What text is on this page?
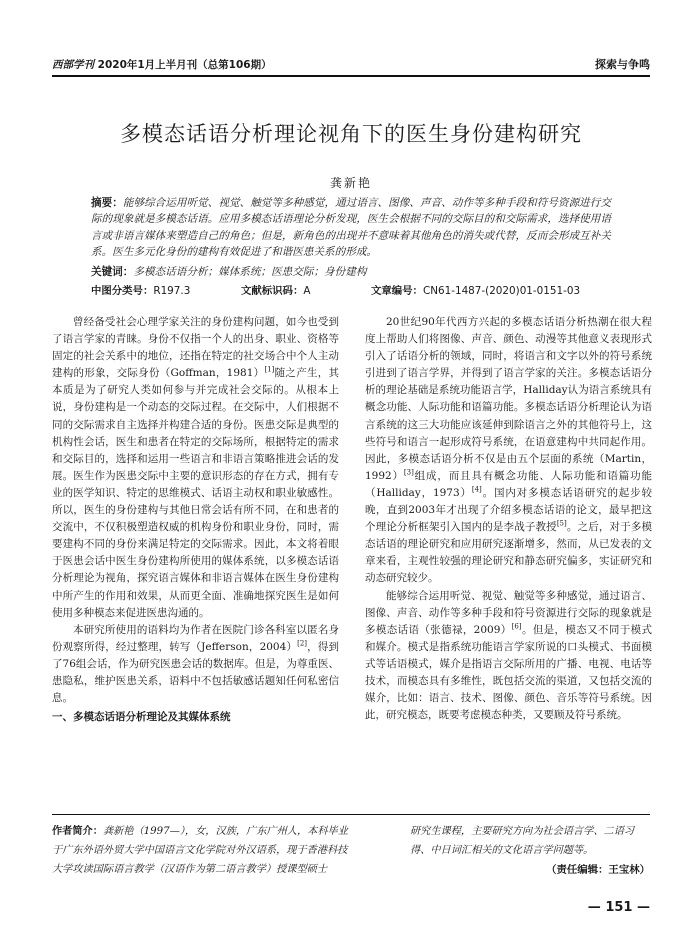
西部学刊 2020年1月上半月刊（总第106期）	探索与争鸣
多模态话语分析理论视角下的医生身份建构研究
龚新艳
摘要：能够综合运用听觉、视觉、触觉等多种感觉，通过语言、图像、声音、动作等多种手段和符号资源进行交际的现象就是多模态话语。应用多模态话语理论分析发现，医生会根据不同的交际目的和交际需求，选择使用语言或非语言媒体来塑造自己的角色；但是，新角色的出现并不意味着其他角色的消失或代替，反而会形成互补关系。医生多元化身份的建构有效促进了和谐医患关系的形成。
关键词：多模态话语分析；媒体系统；医患交际；身份建构
中图分类号：R197.3	文献标识码：A	文章编号：CN61-1487-(2020)01-0151-03

曾经备受社会心理学家关注的身份建构问题，如今也受到了语言学家的青睐。身份不仅指一个人的出身、职业、资格等固定的社会关系中的地位，还指在特定的社交场合中个人主动建构的形象，交际身份（Goffman，1981）[1]随之产生，其本质是为了研究人类如何参与并完成社会交际的。从根本上说，身份建构是一个动态的交际过程。在交际中，人们根据不同的交际需求自主选择并构建合适的身份。医患交际是典型的机构性会话，医生和患者在特定的交际场所，根据特定的需求和交际目的，选择和运用一些语言和非语言策略推进会话的发展。医生作为医患交际中主要的意识形态的存在方式，拥有专业的医学知识、特定的思维模式、话语主动权和职业敏感性。所以，医生的身份建构与其他日常会话有所不同，在和患者的交流中，不仅积极塑造权威的机构身份和职业身份，同时，需要建构不同的身份来满足特定的交际需求。因此，本文将着眼于医患会话中医生身份建构所使用的媒体系统，以多模态话语分析理论为视角，探究语言媒体和非语言媒体在医生身份建构中所产生的作用和效果，从而更全面、准确地探究医生是如何使用多种模态来促进医患沟通的。

本研究所使用的语料均为作者在医院门诊各科室以匿名身份观察所得，经过整理，转写（Jefferson，2004）[2]，得到了76组会话，作为研究医患会话的数据库。但是，为尊重医、患隐私，维护医患关系，语料中不包括敏感话题知任何私密信息。

一、多模态话语分析理论及其媒体系统

20世纪90年代西方兴起的多模态话语分析热潮在很大程度上帮助人们将图像、声音、颜色、动漫等其他意义表现形式引入了话语分析的领域，同时，将语言和文字以外的符号系统引进到了语言学界，并得到了语言学家的关注。多模态话语分析的理论基础是系统功能语言学，Halliday认为语言系统具有概念功能、人际功能和语篇功能。多模态话语分析理论认为语言系统的这三大功能应该延伸到除语言之外的其他符号上，这些符号和语言一起形成符号系统，在语意建构中共同起作用。因此，多模态话语分析不仅是由五个层面的系统（Martin，1992）[3]组成，而且具有概念功能、人际功能和语篇功能（Halliday，1973）[4]。国内对多模态话语研究的起步较晚，直到2003年才出现了介绍多模态话语的论文，最早把这个理论分析框架引入国内的是李战子教授[5]。之后，对于多模态话语的理论研究和应用研究逐渐增多，然而，从已发表的文章来看，主观性较强的理论研究和静态研究偏多，实证研究和动态研究较少。

能够综合运用听觉、视觉、触觉等多种感觉，通过语言、图像、声音、动作等多种手段和符号资源进行交际的现象就是多模态话语（张德禄，2009）[6]。但是，模态又不同于模式和媒介。模式是指系统功能语言学家所说的口头模式、书面模式等话语模式，媒介是指语言交际所用的广播、电视、电话等技术，而模态具有多维性，既包括交流的渠道，又包括交流的媒介，比如：语言、技术、图像、颜色、音乐等符号系统。因此，研究模态，既要考虑模态种类，又要顾及符号系统。

作者简介：龚新艳（1997—），女，汉族，广东广州人，本科毕业于广东外语外贸大学中国语言文化学院对外汉语系，现于香港科技大学攻读国际语言教学（汉语作为第二语言教学）授课型硕士
研究生课程，主要研究方向为社会语言学、二语习得、中日词汇相关的文化语言学问题等。
（责任编辑：王宝林）
— 151 —
